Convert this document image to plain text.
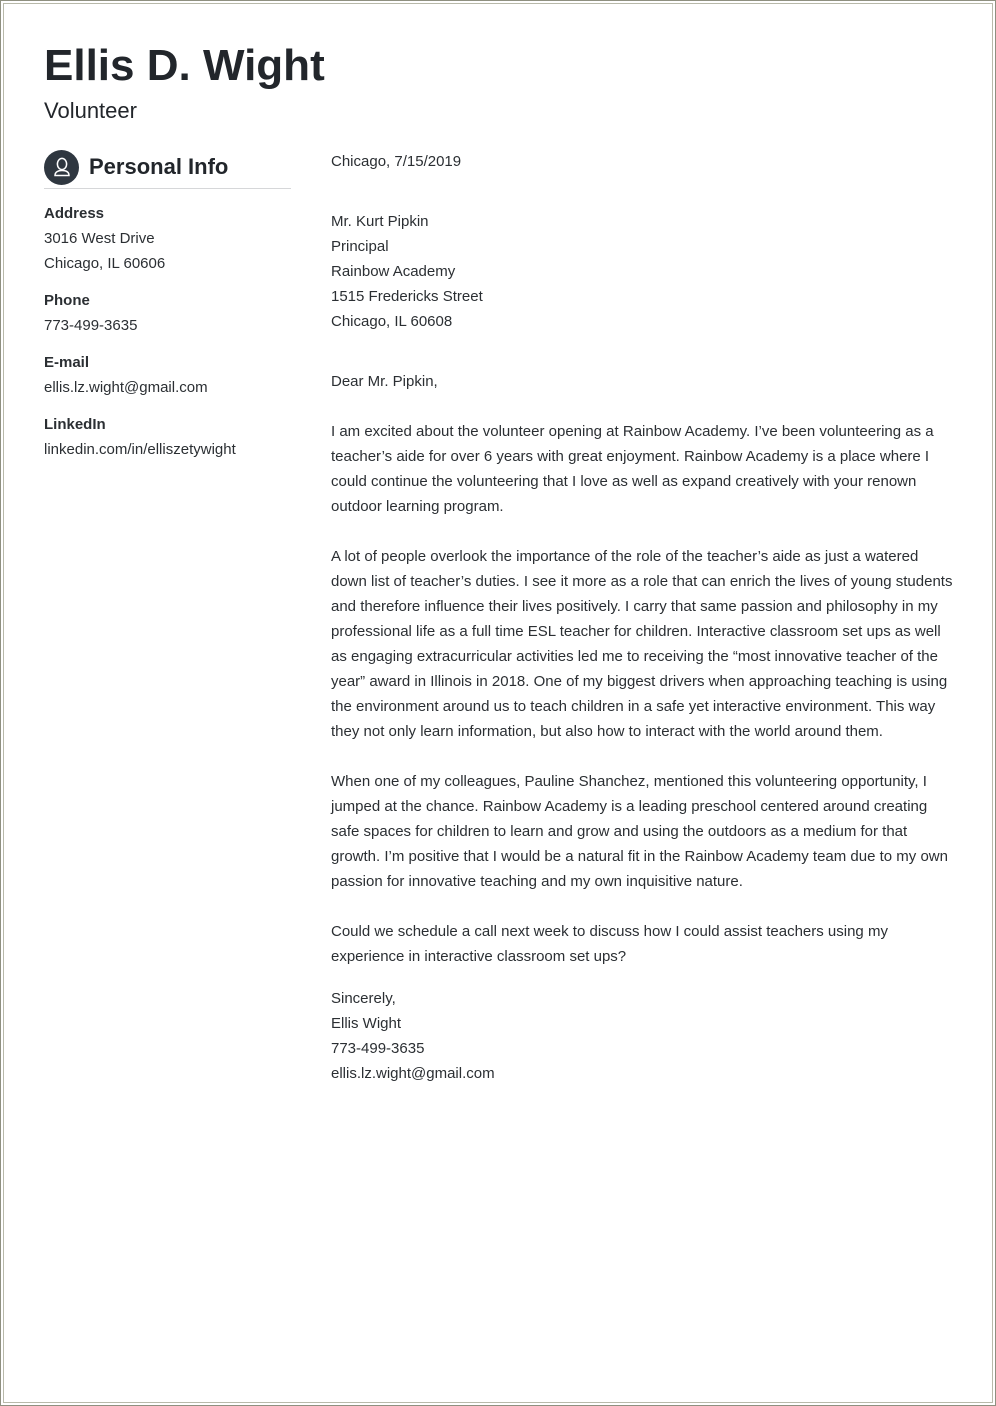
Ellis D. Wight
Volunteer
Personal Info
Address
3016 West Drive
Chicago, IL 60606
Phone
773-499-3635
E-mail
ellis.lz.wight@gmail.com
LinkedIn
linkedin.com/in/elliszetywight

Chicago, 7/15/2019

Mr. Kurt Pipkin
Principal
Rainbow Academy
1515 Fredericks Street
Chicago, IL 60608

Dear Mr. Pipkin,

I am excited about the volunteer opening at Rainbow Academy. I’ve been volunteering as a teacher’s aide for over 6 years with great enjoyment. Rainbow Academy is a place where I could continue the volunteering that I love as well as expand creatively with your renown outdoor learning program.

A lot of people overlook the importance of the role of the teacher’s aide as just a watered down list of teacher’s duties. I see it more as a role that can enrich the lives of young students and therefore influence their lives positively. I carry that same passion and philosophy in my professional life as a full time ESL teacher for children. Interactive classroom set ups as well as engaging extracurricular activities led me to receiving the “most innovative teacher of the year” award in Illinois in 2018. One of my biggest drivers when approaching teaching is using the environment around us to teach children in a safe yet interactive environment. This way they not only learn information, but also how to interact with the world around them.

When one of my colleagues, Pauline Shanchez, mentioned this volunteering opportunity, I jumped at the chance. Rainbow Academy is a leading preschool centered around creating safe spaces for children to learn and grow and using the outdoors as a medium for that growth. I’m positive that I would be a natural fit in the Rainbow Academy team due to my own passion for innovative teaching and my own inquisitive nature.

Could we schedule a call next week to discuss how I could assist teachers using my experience in interactive classroom set ups?

Sincerely,
Ellis Wight
773-499-3635
ellis.lz.wight@gmail.com
